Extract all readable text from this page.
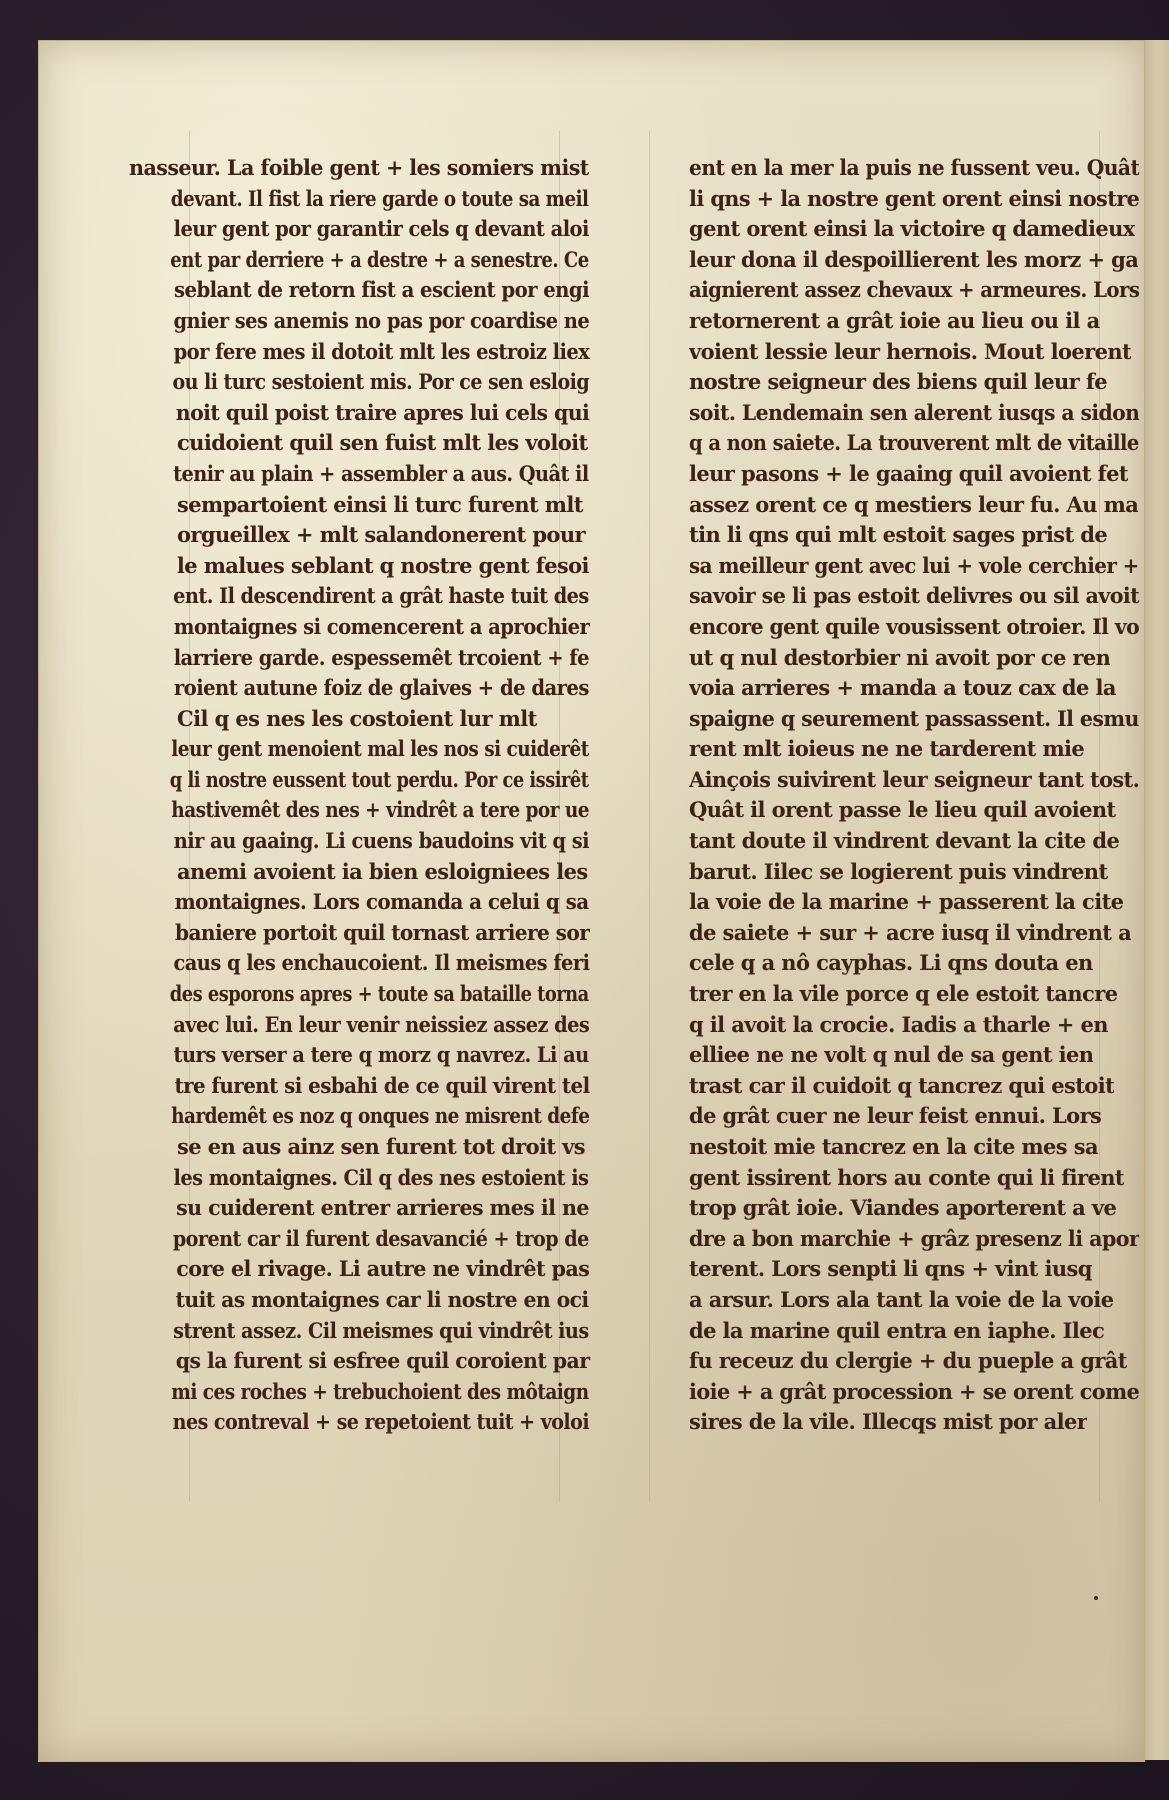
nasseur. La foible gent + les somiers mist
devant. Il fist la riere garde o toute sa meil
leur gent por garantir cels q devant aloi
ent par derriere + a destre + a senestre. Ce
seblant de retorn fist a escient por engi
gnier ses anemis no pas por coardise ne
por fere mes il dotoit mlt les estroiz liex
ou li turc sestoient mis. Por ce sen esloig
noit quil poist traire apres lui cels qui
cuidoient quil sen fuist mlt les voloit
tenir au plain + assembler a aus. Quât il
sempartoient einsi li turc furent mlt
orgueillex + mlt salandonerent pour
le malues seblant q nostre gent fesoi
ent. Il descendirent a grât haste tuit des
montaignes si comencerent a aprochier
larriere garde. espessemêt trcoient + fe
roient autune foiz de glaives + de dares
Cil q es nes les costoient lur mlt
leur gent menoient mal les nos si cuiderêt
q li nostre eussent tout perdu. Por ce issirêt
hastivemêt des nes + vindrêt a tere por ue
nir au gaaing. Li cuens baudoins vit q si
anemi avoient ia bien esloigniees les
montaignes. Lors comanda a celui q sa
baniere portoit quil tornast arriere sor
caus q les enchaucoient. Il meismes feri
des esporons apres + toute sa bataille torna
avec lui. En leur venir neissiez assez des
turs verser a tere q morz q navrez. Li au
tre furent si esbahi de ce quil virent tel
hardemêt es noz q onques ne misrent defe
se en aus ainz sen furent tot droit vs
les montaignes. Cil q des nes estoient is
su cuiderent entrer arrieres mes il ne
porent car il furent desavancié + trop de
core el rivage. Li autre ne vindrêt pas
tuit as montaignes car li nostre en oci
strent assez. Cil meismes qui vindrêt ius
qs la furent si esfree quil coroient par
mi ces roches + trebuchoient des môtaign
nes contreval + se repetoient tuit + voloi
ent en la mer la puis ne fussent veu. Quât
li qns + la nostre gent orent einsi nostre
gent orent einsi la victoire q damedieux
leur dona il despoillierent les morz + ga
aignierent assez chevaux + armeures. Lors
retornerent a grât ioie au lieu ou il a
voient lessie leur hernois. Mout loerent
nostre seigneur des biens quil leur fe
soit. Lendemain sen alerent iusqs a sidon
q a non saiete. La trouverent mlt de vitaille
leur pasons + le gaaing quil avoient fet
assez orent ce q mestiers leur fu. Au ma
tin li qns qui mlt estoit sages prist de
sa meilleur gent avec lui + vole cerchier +
savoir se li pas estoit delivres ou sil avoit
encore gent quile vousissent otroier. Il vo
ut q nul destorbier ni avoit por ce ren
voia arrieres + manda a touz cax de la
spaigne q seurement passassent. Il esmu
rent mlt ioieus ne ne tarderent mie
Ainçois suivirent leur seigneur tant tost.
Quât il orent passe le lieu quil avoient
tant doute il vindrent devant la cite de
barut. Iilec se logierent puis vindrent
la voie de la marine + passerent la cite
de saiete + sur + acre iusq il vindrent a
cele q a nô cayphas. Li qns douta en
trer en la vile porce q ele estoit tancre
q il avoit la crocie. Iadis a tharle + en
elliee ne ne volt q nul de sa gent ien
trast car il cuidoit q tancrez qui estoit
de grât cuer ne leur feist ennui. Lors
nestoit mie tancrez en la cite mes sa
gent issirent hors au conte qui li firent
trop grât ioie. Viandes aporterent a ve
dre a bon marchie + grâz presenz li apor
terent. Lors senpti li qns + vint iusq
a arsur. Lors ala tant la voie de la voie
de la marine quil entra en iaphe. Ilec
fu receuz du clergie + du pueple a grât
ioie + a grât procession + se orent come
sires de la vile. Illecqs mist por aler
